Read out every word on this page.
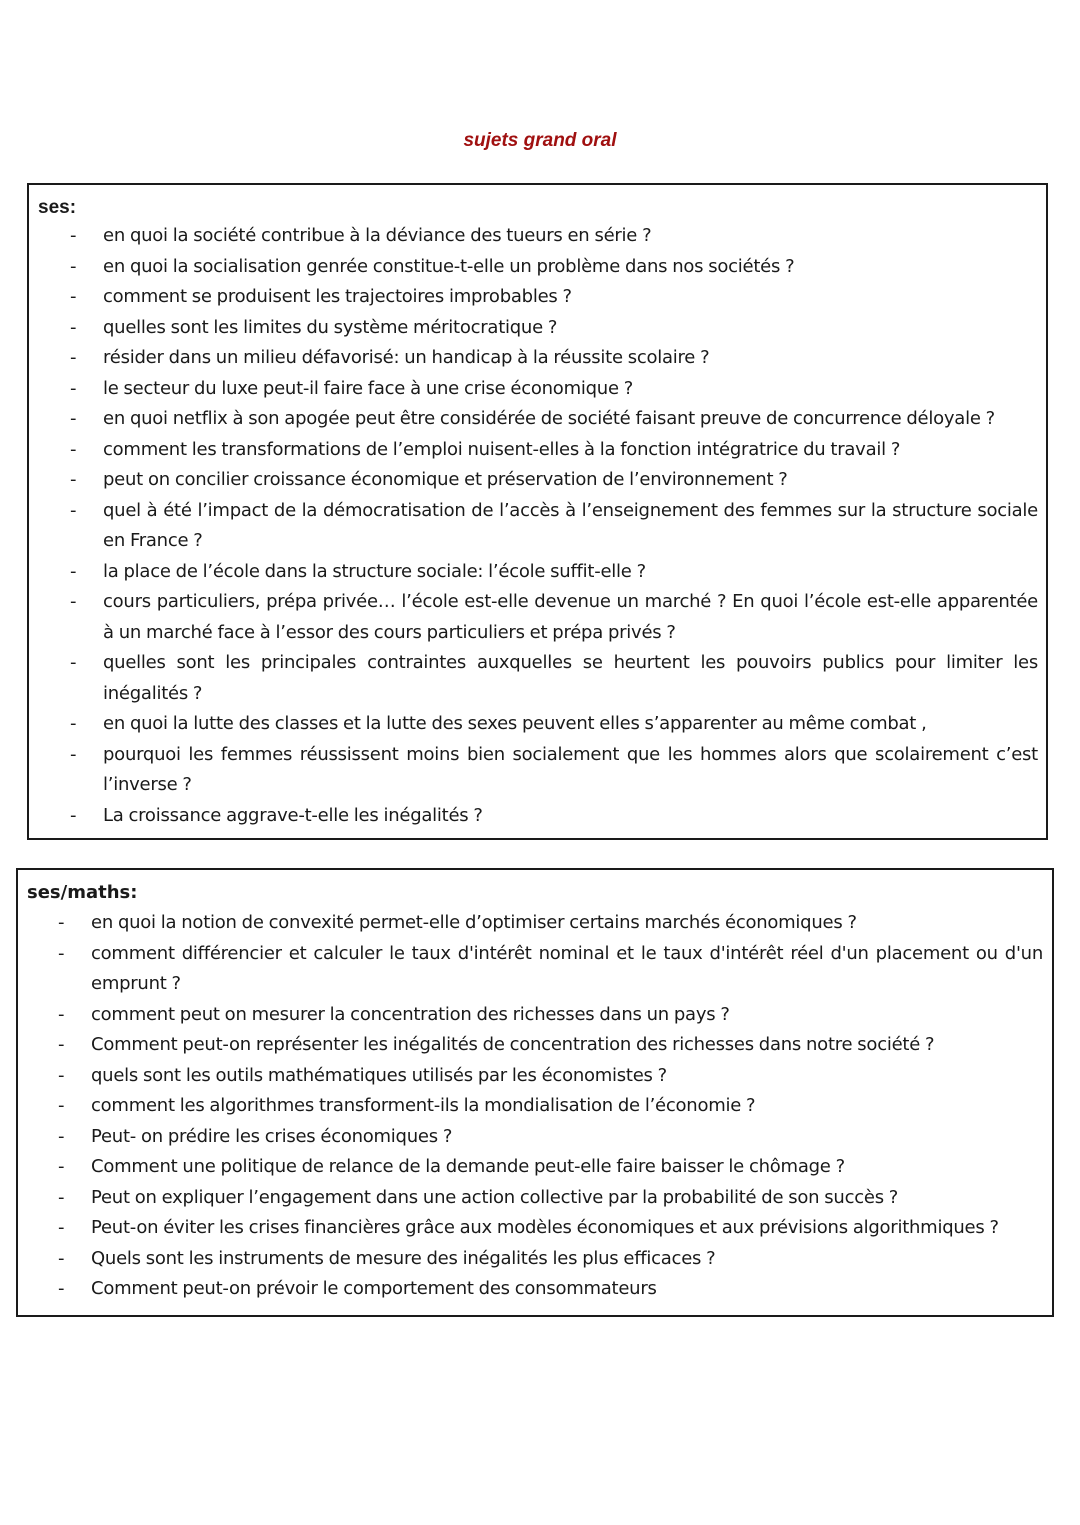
sujets grand oral
ses:
- en quoi la société contribue à la déviance des tueurs en série ?
- en quoi la socialisation genrée constitue-t-elle un problème dans nos sociétés ?
- comment se produisent les trajectoires improbables ?
- quelles sont les limites du système méritocratique ?
- résider dans un milieu défavorisé: un handicap à la réussite scolaire ?
- le secteur du luxe peut-il faire face à une crise économique ?
- en quoi netflix à son apogée peut être considérée de société faisant preuve de concurrence déloyale ?
- comment les transformations de l’emploi nuisent-elles à la fonction intégratrice du travail ?
- peut on concilier croissance économique et préservation de l’environnement ?
- quel à été l’impact de la démocratisation de l’accès à l’enseignement des femmes sur la structure sociale en France ?
- la place de l’école dans la structure sociale: l’école suffit-elle ?
- cours particuliers, prépa privée… l’école est-elle devenue un marché ? En quoi l’école est-elle apparentée à un marché face à l’essor des cours particuliers et prépa privés ?
- quelles sont les principales contraintes auxquelles se heurtent les pouvoirs publics pour limiter les inégalités ?
- en quoi la lutte des classes et la lutte des sexes peuvent elles s’apparenter au même combat ,
- pourquoi les femmes réussissent moins bien socialement que les hommes alors que scolairement c’est l’inverse ?
- La croissance aggrave-t-elle les inégalités ?
ses/maths:
- en quoi la notion de convexité permet-elle d’optimiser certains marchés économiques ?
- comment différencier et calculer le taux d'intérêt nominal et le taux d'intérêt réel d'un placement ou d'un emprunt ?
- comment peut on mesurer la concentration des richesses dans un pays ?
- Comment peut-on représenter les inégalités de concentration des richesses dans notre société ?
- quels sont les outils mathématiques utilisés par les économistes ?
- comment les algorithmes transforment-ils la mondialisation de l’économie ?
- Peut- on prédire les crises économiques ?
- Comment une politique de relance de la demande peut-elle faire baisser le chômage ?
- Peut on expliquer l’engagement dans une action collective par la probabilité de son succès ?
- Peut-on éviter les crises financières grâce aux modèles économiques et aux prévisions algorithmiques ?
- Quels sont les instruments de mesure des inégalités les plus efficaces ?
- Comment peut-on prévoir le comportement des consommateurs
